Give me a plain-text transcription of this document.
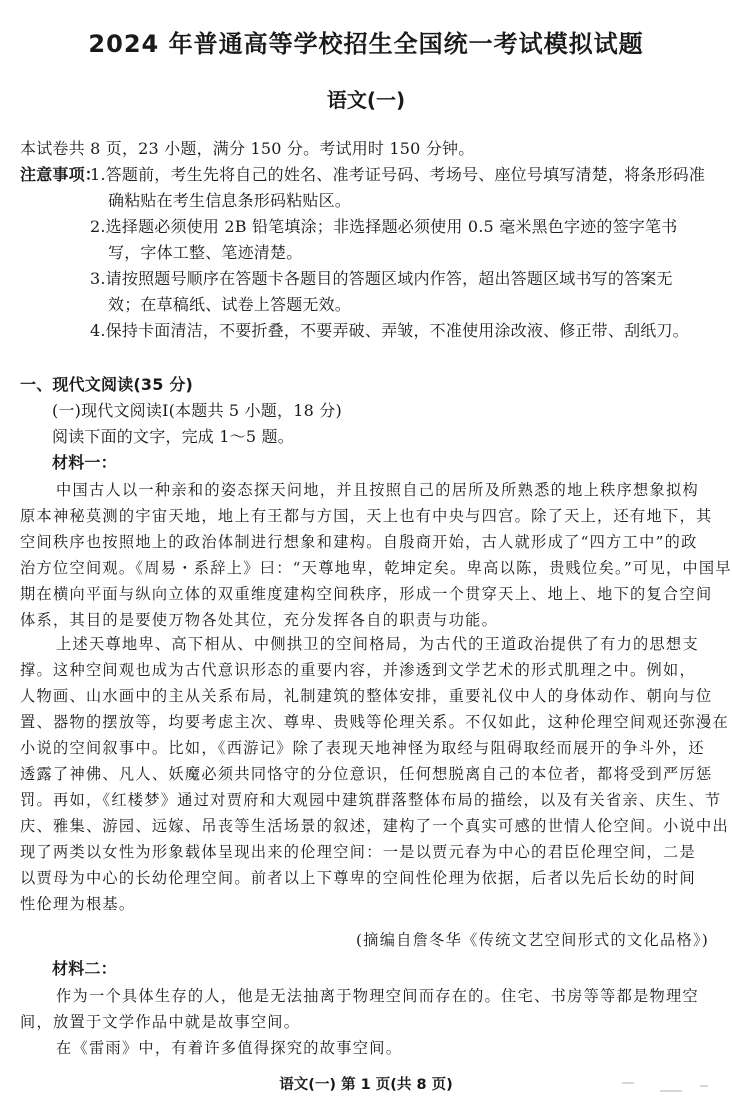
2024 年普通高等学校招生全国统一考试模拟试题
语文(一)
本试卷共 8 页，23 小题，满分 150 分。考试用时 150 分钟。
注意事项：
1.答题前，考生先将自己的姓名、准考证号码、考场号、座位号填写清楚，将条形码准
确粘贴在考生信息条形码粘贴区。
2.选择题必须使用 2B 铅笔填涂；非选择题必须使用 0.5 毫米黑色字迹的签字笔书
写，字体工整、笔迹清楚。
3.请按照题号顺序在答题卡各题目的答题区域内作答，超出答题区域书写的答案无
效；在草稿纸、试卷上答题无效。
4.保持卡面清洁，不要折叠，不要弄破、弄皱，不准使用涂改液、修正带、刮纸刀。
一、现代文阅读(35 分)
(一)现代文阅读Ⅰ(本题共 5 小题，18 分)
阅读下面的文字，完成 1～5 题。
材料一：
中国古人以一种亲和的姿态探天问地，并且按照自己的居所及所熟悉的地上秩序想象拟构
原本神秘莫测的宇宙天地，地上有王都与方国，天上也有中央与四宫。除了天上，还有地下，其
空间秩序也按照地上的政治体制进行想象和建构。自殷商开始，古人就形成了“四方工中”的政
治方位空间观。《周易・系辞上》曰：“天尊地卑，乾坤定矣。卑高以陈，贵贱位矣。”可见，中国早
期在横向平面与纵向立体的双重维度建构空间秩序，形成一个贯穿天上、地上、地下的复合空间
体系，其目的是要使万物各处其位，充分发挥各自的职责与功能。
上述天尊地卑、高下相从、中侧拱卫的空间格局，为古代的王道政治提供了有力的思想支
撑。这种空间观也成为古代意识形态的重要内容，并渗透到文学艺术的形式肌理之中。例如，
人物画、山水画中的主从关系布局，礼制建筑的整体安排，重要礼仪中人的身体动作、朝向与位
置、器物的摆放等，均要考虑主次、尊卑、贵贱等伦理关系。不仅如此，这种伦理空间观还弥漫在
小说的空间叙事中。比如，《西游记》除了表现天地神怪为取经与阻碍取经而展开的争斗外，还
透露了神佛、凡人、妖魔必须共同恪守的分位意识，任何想脱离自己的本位者，都将受到严厉惩
罚。再如，《红楼梦》通过对贾府和大观园中建筑群落整体布局的描绘，以及有关省亲、庆生、节
庆、雅集、游园、远嫁、吊丧等生活场景的叙述，建构了一个真实可感的世情人伦空间。小说中出
现了两类以女性为形象载体呈现出来的伦理空间：一是以贾元春为中心的君臣伦理空间，二是
以贾母为中心的长幼伦理空间。前者以上下尊卑的空间性伦理为依据，后者以先后长幼的时间
性伦理为根基。
(摘编自詹冬华《传统文艺空间形式的文化品格》)
材料二：
作为一个具体生存的人，他是无法抽离于物理空间而存在的。住宅、书房等等都是物理空
间，放置于文学作品中就是故事空间。
在《雷雨》中，有着许多值得探究的故事空间。
语文(一) 第 1 页(共 8 页)
